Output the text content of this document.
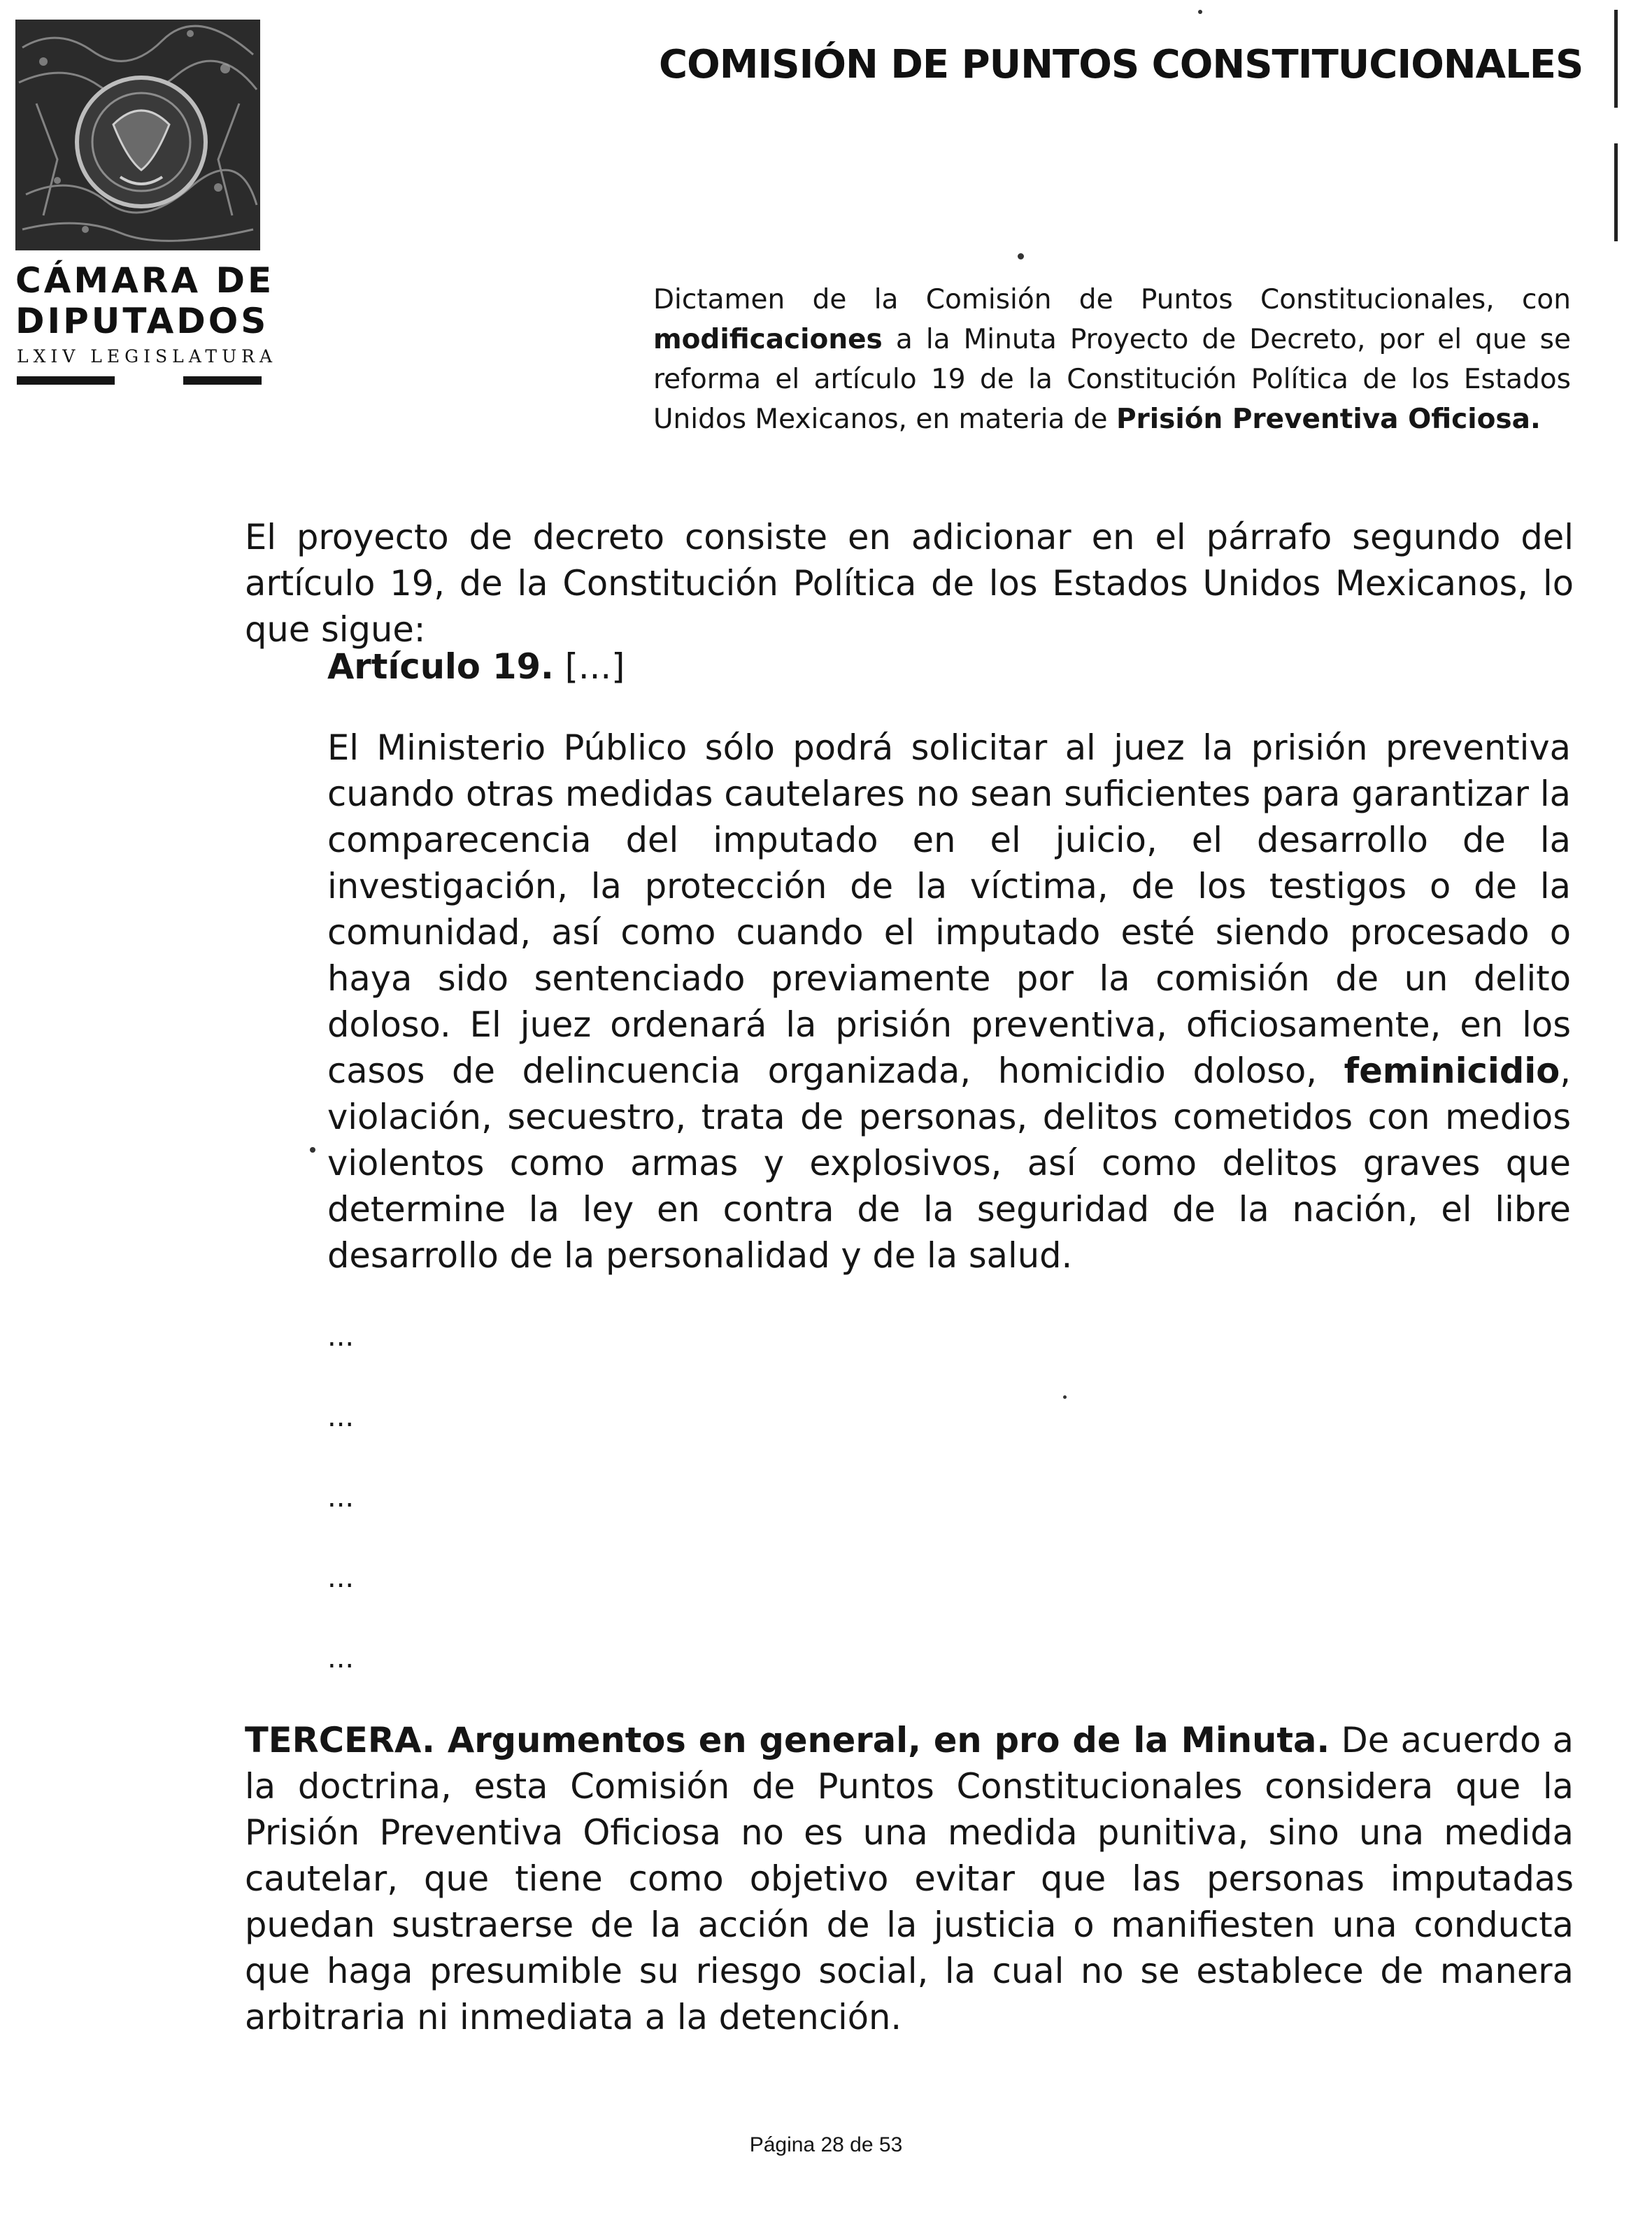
CÁMARA DE
DIPUTADOS
LXIV LEGISLATURA
COMISIÓN DE PUNTOS CONSTITUCIONALES

Dictamen de la Comisión de Puntos Constitucionales, con modificaciones a la Minuta Proyecto de Decreto, por el que se reforma el artículo 19 de la Constitución Política de los Estados Unidos Mexicanos, en materia de Prisión Preventiva Oficiosa.

El proyecto de decreto consiste en adicionar en el párrafo segundo del artículo 19, de la Constitución Política de los Estados Unidos Mexicanos, lo que sigue:

Artículo 19. [...]

El Ministerio Público sólo podrá solicitar al juez la prisión preventiva cuando otras medidas cautelares no sean suficientes para garantizar la comparecencia del imputado en el juicio, el desarrollo de la investigación, la protección de la víctima, de los testigos o de la comunidad, así como cuando el imputado esté siendo procesado o haya sido sentenciado previamente por la comisión de un delito doloso. El juez ordenará la prisión preventiva, oficiosamente, en los casos de delincuencia organizada, homicidio doloso, feminicidio, violación, secuestro, trata de personas, delitos cometidos con medios violentos como armas y explosivos, así como delitos graves que determine la ley en contra de la seguridad de la nación, el libre desarrollo de la personalidad y de la salud.

...
...
...
...
...

TERCERA. Argumentos en general, en pro de la Minuta. De acuerdo a la doctrina, esta Comisión de Puntos Constitucionales considera que la Prisión Preventiva Oficiosa no es una medida punitiva, sino una medida cautelar, que tiene como objetivo evitar que las personas imputadas puedan sustraerse de la acción de la justicia o manifiesten una conducta que haga presumible su riesgo social, la cual no se establece de manera arbitraria ni inmediata a la detención.

Página 28 de 53
